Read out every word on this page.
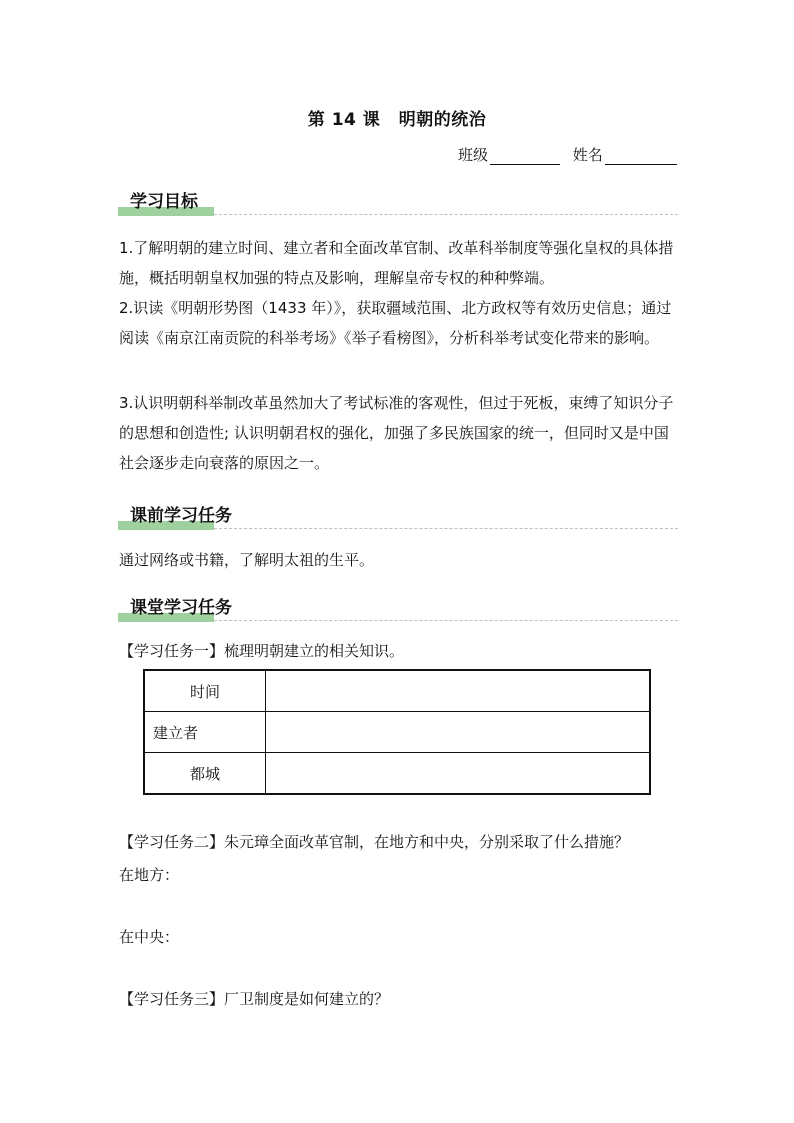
第 14 课 明朝的统治
班级	姓名
学习目标
1.了解明朝的建立时间、建立者和全面改革官制、改革科举制度等强化皇权的具体措施，概括明朝皇权加强的特点及影响，理解皇帝专权的种种弊端。
2.识读《明朝形势图（1433 年）》，获取疆域范围、北方政权等有效历史信息；通过阅读《南京江南贡院的科举考场》《举子看榜图》，分析科举考试变化带来的影响。
3.认识明朝科举制改革虽然加大了考试标准的客观性，但过于死板，束缚了知识分子的思想和创造性; 认识明朝君权的强化，加强了多民族国家的统一，但同时又是中国社会逐步走向衰落的原因之一。
课前学习任务
通过网络或书籍，了解明太祖的生平。
课堂学习任务
【学习任务一】梳理明朝建立的相关知识。
时间	
建立者	
都城	
【学习任务二】朱元璋全面改革官制，在地方和中央，分别采取了什么措施？
在地方：
在中央：
【学习任务三】厂卫制度是如何建立的？
